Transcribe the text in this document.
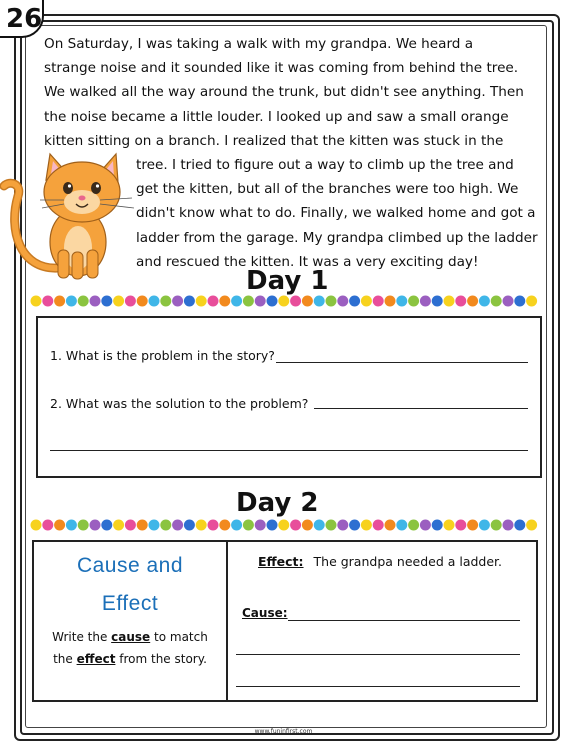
26
On Saturday, I was taking a walk with my grandpa. We heard a
strange noise and it sounded like it was coming from behind the tree.
We walked all the way around the trunk, but didn't see anything. Then
the noise became a little louder. I looked up and saw a small orange
kitten sitting on a branch. I realized that the kitten was stuck in the
tree. I tried to figure out a way to climb up the tree and
get the kitten, but all of the branches were too high. We
didn't know what to do. Finally, we walked home and got a
ladder from the garage. My grandpa climbed up the ladder
and rescued the kitten. It was a very exciting day!
Day 1
1. What is the problem in the story?
2. What was the solution to the problem?
Day 2
Cause and
Effect
Write the cause to match
the effect from the story.
Effect: The grandpa needed a ladder.
Cause:
www.funinfirst.com
